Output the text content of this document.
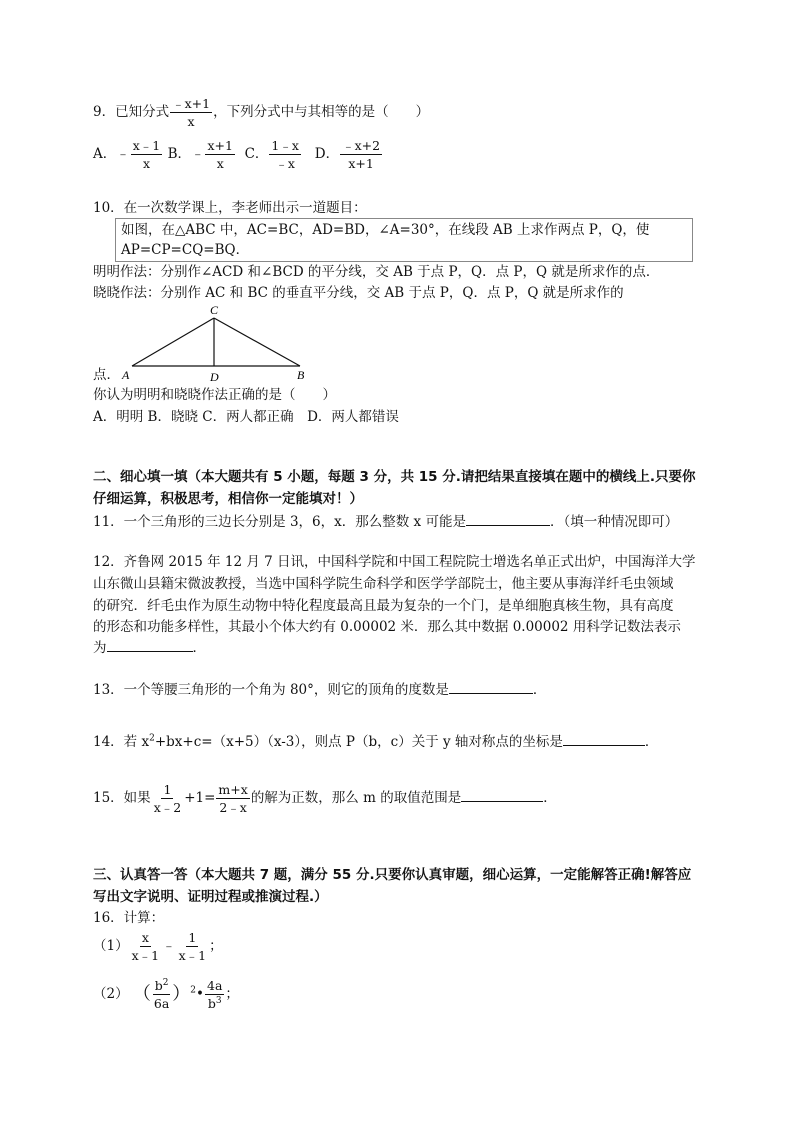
9．已知分式 $\frac{﹣x+1}{x}$ ，下列分式中与其相等的是（　　）
A．﹣ $\frac{x﹣1}{x}$ B．﹣ $\frac{x+1}{x}$ C． $\frac{1﹣x}{﹣x}$ D． $\frac{﹣x+2}{x+1}$
10．在一次数学课上，李老师出示一道题目：
如图，在△ABC 中，AC=BC，AD=BD，∠A=30°，在线段 AB 上求作两点 P，Q，使
AP=CP=CQ=BQ．
明明作法：分别作∠ACD 和∠BCD 的平分线，交 AB 于点 P，Q．点 P，Q 就是所求作的点．
晓晓作法：分别作 AC 和 BC 的垂直平分线，交 AB 于点 P，Q．点 P，Q 就是所求作的
C
A	D	B
点．
你认为明明和晓晓作法正确的是（　　）
A．明明 B．晓晓 C．两人都正确　D．两人都错误
二、细心填一填（本大题共有 5 小题，每题 3 分，共 15 分.请把结果直接填在题中的横线上.只要你
仔细运算，积极思考，相信你一定能填对！）
11．一个三角形的三边长分别是 3，6，x．那么整数 x 可能是	．（填一种情况即可）
12．齐鲁网 2015 年 12 月 7 日讯，中国科学院和中国工程院院士增选名单正式出炉，中国海洋大学
山东微山县籍宋微波教授，当选中国科学院生命科学和医学学部院士，他主要从事海洋纤毛虫领域
的研究．纤毛虫作为原生动物中特化程度最高且最为复杂的一个门，是单细胞真核生物，具有高度
的形态和功能多样性，其最小个体大约有 0.00002 米．那么其中数据 0.00002 用科学记数法表示
为	．
13．一个等腰三角形的一个角为 80°，则它的顶角的度数是	．
14．若 $x^2+bx+c=(x+5)(x-3)$，则点 P（b，c）关于 y 轴对称点的坐标是	．
15．如果 $\frac{1}{x﹣2} +1= \frac{m+x}{2﹣x}$ 的解为正数，那么 m 的取值范围是	．
三、认真答一答（本大题共 7 题，满分 55 分.只要你认真审题，细心运算，一定能解答正确!解答应
写出文字说明、证明过程或推演过程.）
16．计算：
$(1) \frac{x}{x﹣1}$ ﹣ $\frac{1}{x﹣1}$ ；
（2） （ $\frac{b^2}{6a}$ ）$^2$• $\frac{4a}{b^3}$ ；
